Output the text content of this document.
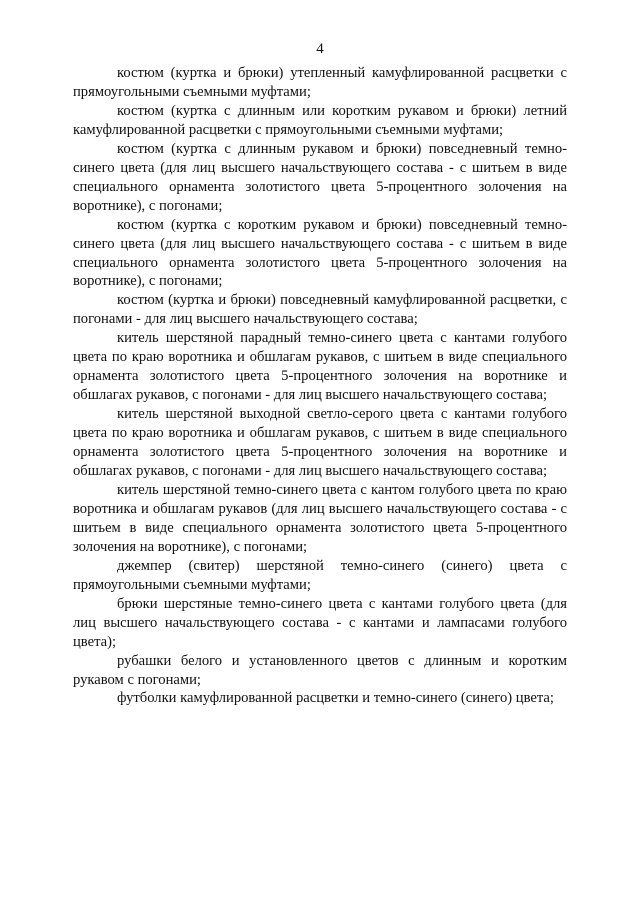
4

костюм (куртка и брюки) утепленный камуфлированной расцветки с прямоугольными съемными муфтами;

костюм (куртка с длинным или коротким рукавом и брюки) летний камуфлированной расцветки с прямоугольными съемными муфтами;

костюм (куртка с длинным рукавом и брюки) повседневный темно-синего цвета (для лиц высшего начальствующего состава - с шитьем в виде специального орнамента золотистого цвета 5-процентного золочения на воротнике), с погонами;

костюм (куртка с коротким рукавом и брюки) повседневный темно-синего цвета (для лиц высшего начальствующего состава - с шитьем в виде специального орнамента золотистого цвета 5-процентного золочения на воротнике), с погонами;

костюм (куртка и брюки) повседневный камуфлированной расцветки, с погонами - для лиц высшего начальствующего состава;

китель шерстяной парадный темно-синего цвета с кантами голубого цвета по краю воротника и обшлагам рукавов, с шитьем в виде специального орнамента золотистого цвета 5-процентного золочения на воротнике и обшлагах рукавов, с погонами - для лиц высшего начальствующего состава;

китель шерстяной выходной светло-серого цвета с кантами голубого цвета по краю воротника и обшлагам рукавов, с шитьем в виде специального орнамента золотистого цвета 5-процентного золочения на воротнике и обшлагах рукавов, с погонами - для лиц высшего начальствующего состава;

китель шерстяной темно-синего цвета с кантом голубого цвета по краю воротника и обшлагам рукавов (для лиц высшего начальствующего состава - с шитьем в виде специального орнамента золотистого цвета 5-процентного золочения на воротнике), с погонами;

джемпер (свитер) шерстяной темно-синего (синего) цвета с прямоугольными съемными муфтами;

брюки шерстяные темно-синего цвета с кантами голубого цвета (для лиц высшего начальствующего состава - с кантами и лампасами голубого цвета);

рубашки белого и установленного цветов с длинным и коротким рукавом с погонами;

футболки камуфлированной расцветки и темно-синего (синего) цвета;
